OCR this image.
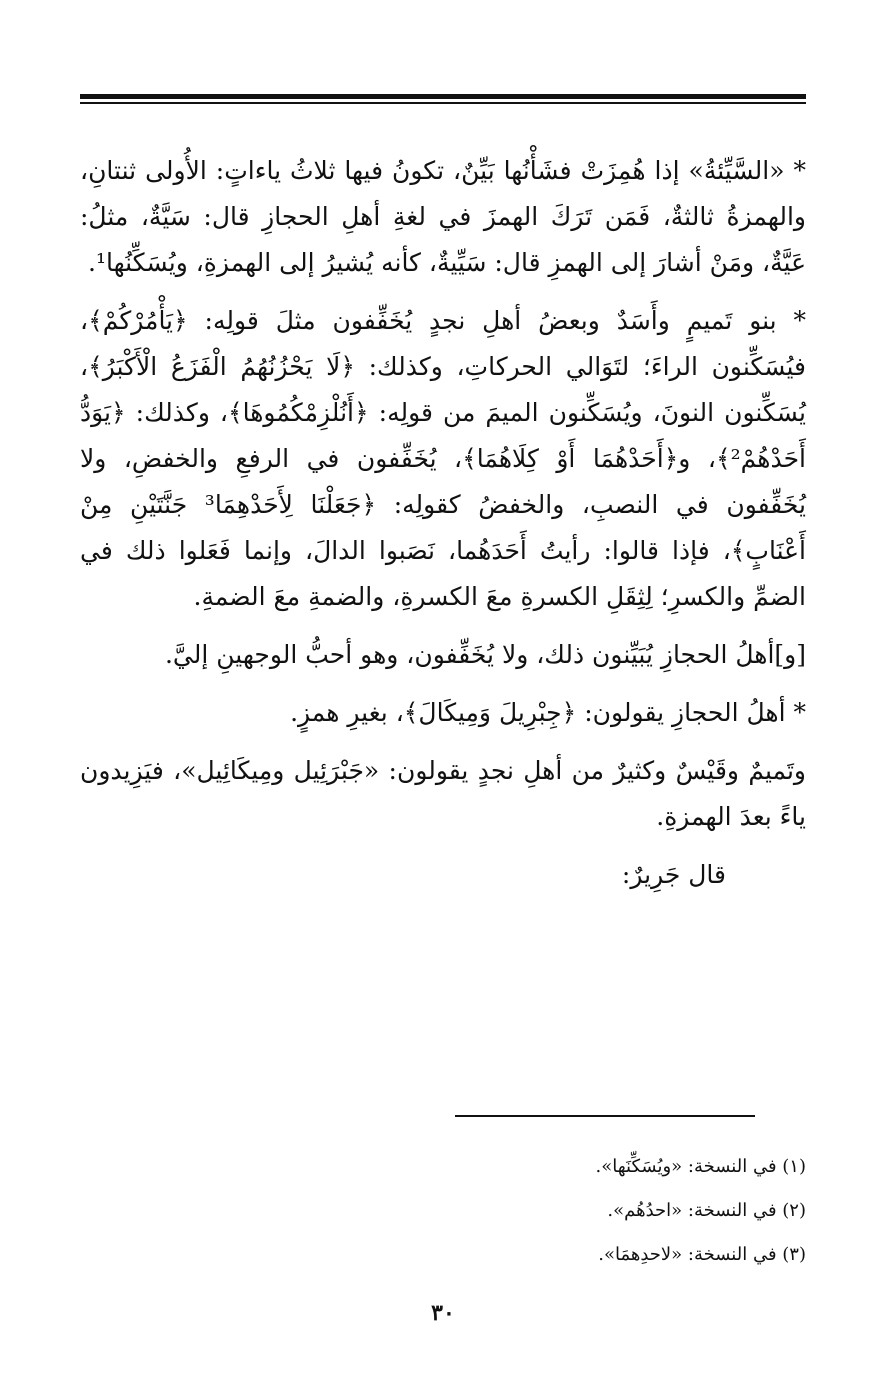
* «السَّيِّئةُ» إذا هُمِزَتْ فشَأْنُها بَيِّنٌ، تكونُ فيها ثلاثُ ياءاتٍ: الأُولى ثنتانِ، والهمزةُ ثالثةٌ، فَمَن تَرَكَ الهمزَ في لغةِ أهلِ الحجازِ قال: سَيَّةٌ، مثلُ: عَيَّةٌ، ومَنْ أشارَ إلى الهمزِ قال: سَيِّيةٌ، كأنه يُشيرُ إلى الهمزةِ، ويُسَكِّنُها¹.

* بنو تَميمٍ وأَسَدٌ وبعضُ أهلِ نجدٍ يُخَفِّفون مثلَ قولِه: ﴿يَأْمُرْكُمْ﴾، فيُسَكِّنون الراءَ؛ لتَوَالي الحركاتِ، وكذلك: ﴿لَا يَحْزُنُهُمُ الْفَزَعُ الْأَكْبَرُ﴾، يُسَكِّنون النونَ، ويُسَكِّنون الميمَ من قولِه: ﴿أَنُلْزِمْكُمُوهَا﴾، وكذلك: ﴿يَوَدُّ أَحَدْهُمْ²﴾، و﴿أَحَدْهُمَا أَوْ كِلَاهُمَا﴾، يُخَفِّفون في الرفعِ والخفضِ، ولا يُخَفِّفون في النصبِ، والخفضُ كقولِه: ﴿جَعَلْنَا لِأَحَدْهِمَا³ جَنَّتَيْنِ مِنْ أَعْنَابٍ﴾، فإذا قالوا: رأيتُ أَحَدَهُما، نَصَبوا الدالَ، وإنما فَعَلوا ذلك في الضمِّ والكسرِ؛ لِثِقَلِ الكسرةِ معَ الكسرةِ، والضمةِ معَ الضمةِ.

[و]أهلُ الحجازِ يُبَيِّنون ذلك، ولا يُخَفِّفون، وهو أحبُّ الوجهينِ إليَّ.

* أهلُ الحجازِ يقولون: ﴿جِبْرِيلَ وَمِيكَالَ﴾، بغيرِ همزٍ.

وتَميمٌ وقَيْسٌ وكثيرٌ من أهلِ نجدٍ يقولون: «جَبْرَئِيل ومِيكَائِيل»، فيَزِيدون ياءً بعدَ الهمزةِ.

قال جَرِيرٌ:

(١) في النسخة: «ويُسَكِّنَها».
(٢) في النسخة: «احدُهُم».
(٣) في النسخة: «لاحدِهمَا».
٣٠
